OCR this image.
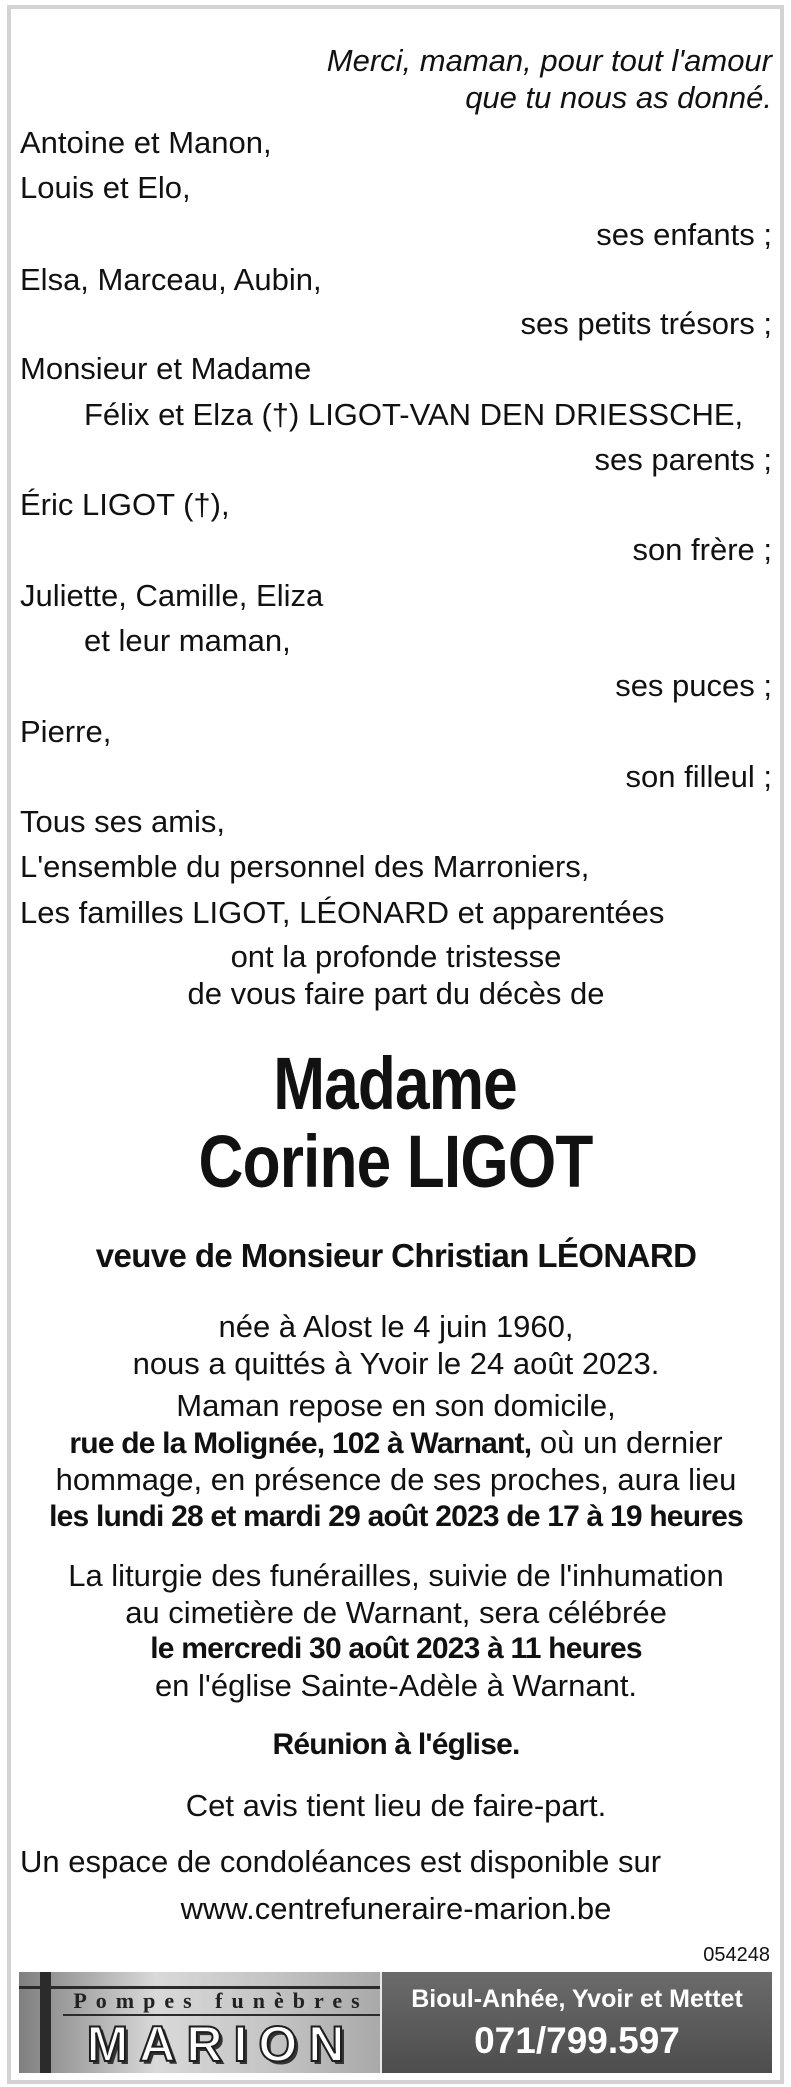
Merci, maman, pour tout l'amour
que tu nous as donné.
Antoine et Manon,
Louis et Elo,
ses enfants ;
Elsa, Marceau, Aubin,
ses petits trésors ;
Monsieur et Madame
Félix et Elza (†) LIGOT-VAN DEN DRIESSCHE,
ses parents ;
Éric LIGOT (†),
son frère ;
Juliette, Camille, Eliza
et leur maman,
ses puces ;
Pierre,
son filleul ;
Tous ses amis,
L'ensemble du personnel des Marroniers,
Les familles LIGOT, LÉONARD et apparentées
ont la profonde tristesse
de vous faire part du décès de
Madame
Corine LIGOT
veuve de Monsieur Christian LÉONARD
née à Alost le 4 juin 1960,
nous a quittés à Yvoir le 24 août 2023.
Maman repose en son domicile,
rue de la Molignée, 102 à Warnant, où un dernier
hommage, en présence de ses proches, aura lieu
les lundi 28 et mardi 29 août 2023 de 17 à 19 heures
La liturgie des funérailles, suivie de l'inhumation
au cimetière de Warnant, sera célébrée
le mercredi 30 août 2023 à 11 heures
en l'église Sainte-Adèle à Warnant.
Réunion à l'église.
Cet avis tient lieu de faire-part.
Un espace de condoléances est disponible sur
www.centrefuneraire-marion.be
054248
Pompes funèbres
MARION
Bioul-Anhée, Yvoir et Mettet
071/799.597
